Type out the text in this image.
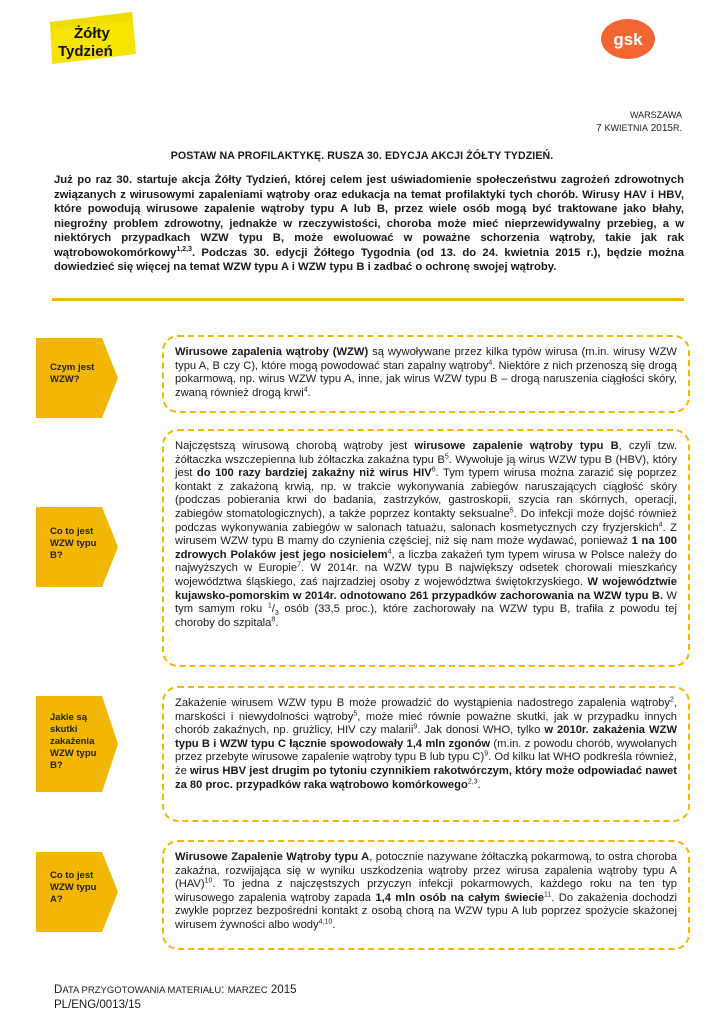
Żółty
Tydzień
gsk
WARSZAWA
7 KWIETNIA 2015R.
POSTAW NA PROFILAKTYKĘ. RUSZA 30. EDYCJA AKCJI ŻÓŁTY TYDZIEŃ.
Już po raz 30. startuje akcja Żółty Tydzień, której celem jest uświadomienie społeczeństwu zagrożeń zdrowotnych związanych z wirusowymi zapaleniami wątroby oraz edukacja na temat profilaktyki tych chorób. Wirusy HAV i HBV, które powodują wirusowe zapalenie wątroby typu A lub B, przez wiele osób mogą być traktowane jako błahy, niegroźny problem zdrowotny, jednakże w rzeczywistości, choroba może mieć nieprzewidywalny przebieg, a w niektórych przypadkach WZW typu B, może ewoluować w poważne schorzenia wątroby, takie jak rak wątrobowokomórkowy$^{1,2,3}$. Podczas 30. edycji Żółtego Tygodnia (od 13. do 24. kwietnia 2015 r.), będzie można dowiedzieć się więcej na temat WZW typu A i WZW typu B i zadbać o ochronę swojej wątroby.
Czym jest
WZW?

Wirusowe zapalenia wątroby (WZW) są wywoływane przez kilka typów wirusa (m.in. wirusy WZW typu A, B czy C), które mogą powodować stan zapalny wątroby$^4$. Niektóre z nich przenoszą się drogą pokarmową, np. wirus WZW typu A, inne, jak wirus WZW typu B – drogą naruszenia ciągłości skóry, zwaną również drogą krwi$^4$.

Co to jest
WZW typu
B?

Najczęstszą wirusową chorobą wątroby jest wirusowe zapalenie wątroby typu B, czyli tzw. żółtaczka wszczepienna lub żółtaczka zakaźna typu $B^5$. Wywołuje ją wirus WZW typu B (HBV), który jest do 100 razy bardziej zakaźny niż wirus HIV$^6$. Tym typem wirusa można zarazić się poprzez kontakt z zakażoną krwią, np. w trakcie wykonywania zabiegów naruszających ciągłość skóry (podczas pobierania krwi do badania, zastrzyków, gastroskopii, szycia ran skórnych, operacji, zabiegów stomatologicznych), a także poprzez kontakty seksualne$^5$. Do infekcji może dojść również podczas wykonywania zabiegów w salonach tatuażu, salonach kosmetycznych czy fryzjerskich$^4$. Z wirusem WZW typu B mamy do czynienia częściej, niż się nam może wydawać, ponieważ 1 na 100 zdrowych Polaków jest jego nosicielem$^4$, a liczba zakażeń tym typem wirusa w Polsce należy do najwyższych w Europie$^7$. W 2014r. na WZW typu B największy odsetek chorowali mieszkańcy województwa śląskiego, zaś najrzadziej osoby z województwa świętokrzyskiego. W województwie kujawsko-pomorskim w 2014r. odnotowano 261 przypadków zachorowania na WZW typu B. W tym samym roku $^1/_3$ osób (33,5 proc.), które zachorowały na WZW typu B, trafiła z powodu tej choroby do szpitala$^8$.

Jakie są
skutki
zakażenia
WZW typu
B?

Zakażenie wirusem WZW typu B może prowadzić do wystąpienia nadostrego zapalenia wątroby$^2$, marskości i niewydolności wątroby$^5$, może mieć równie poważne skutki, jak w przypadku innych chorób zakaźnych, np. grużlicy, HIV czy malarii$^9$. Jak donosi WHO, tylko w 2010r. zakażenia WZW typu B i WZW typu C łącznie spowodowały 1,4 mln zgonów (m.in. z powodu chorób, wywołanych przez przebyte wirusowe zapalenie wątroby typu B lub typu C)$^9$. Od kilku lat WHO podkreśla również, że wirus HBV jest drugim po tytoniu czynnikiem rakotwórczym, który może odpowiadać nawet za 80 proc. przypadków raka wątrobowo komórkowego$^{2,3}$.

Co to jest
WZW typu
A?

Wirusowe Zapalenie Wątroby typu A, potocznie nazywane żółtaczką pokarmową, to ostra choroba zakaźna, rozwijająca się w wyniku uszkodzenia wątroby przez wirusa zapalenia wątroby typu A (HAV)$^{10}$. To jedna z najczęstszych przyczyn infekcji pokarmowych, każdego roku na ten typ wirusowego zapalenia wątroby zapada 1,4 mln osób na całym świecie$^{11}$. Do zakażenia dochodzi zwykle poprzez bezpośredni kontakt z osobą chorą na WZW typu A lub poprzez spożycie skażonej wirusem żywności albo wody$^{4,10}$.

DATA PRZYGOTOWANIA MATERIAŁU: MARZEC 2015
PL/ENG/0013/15
